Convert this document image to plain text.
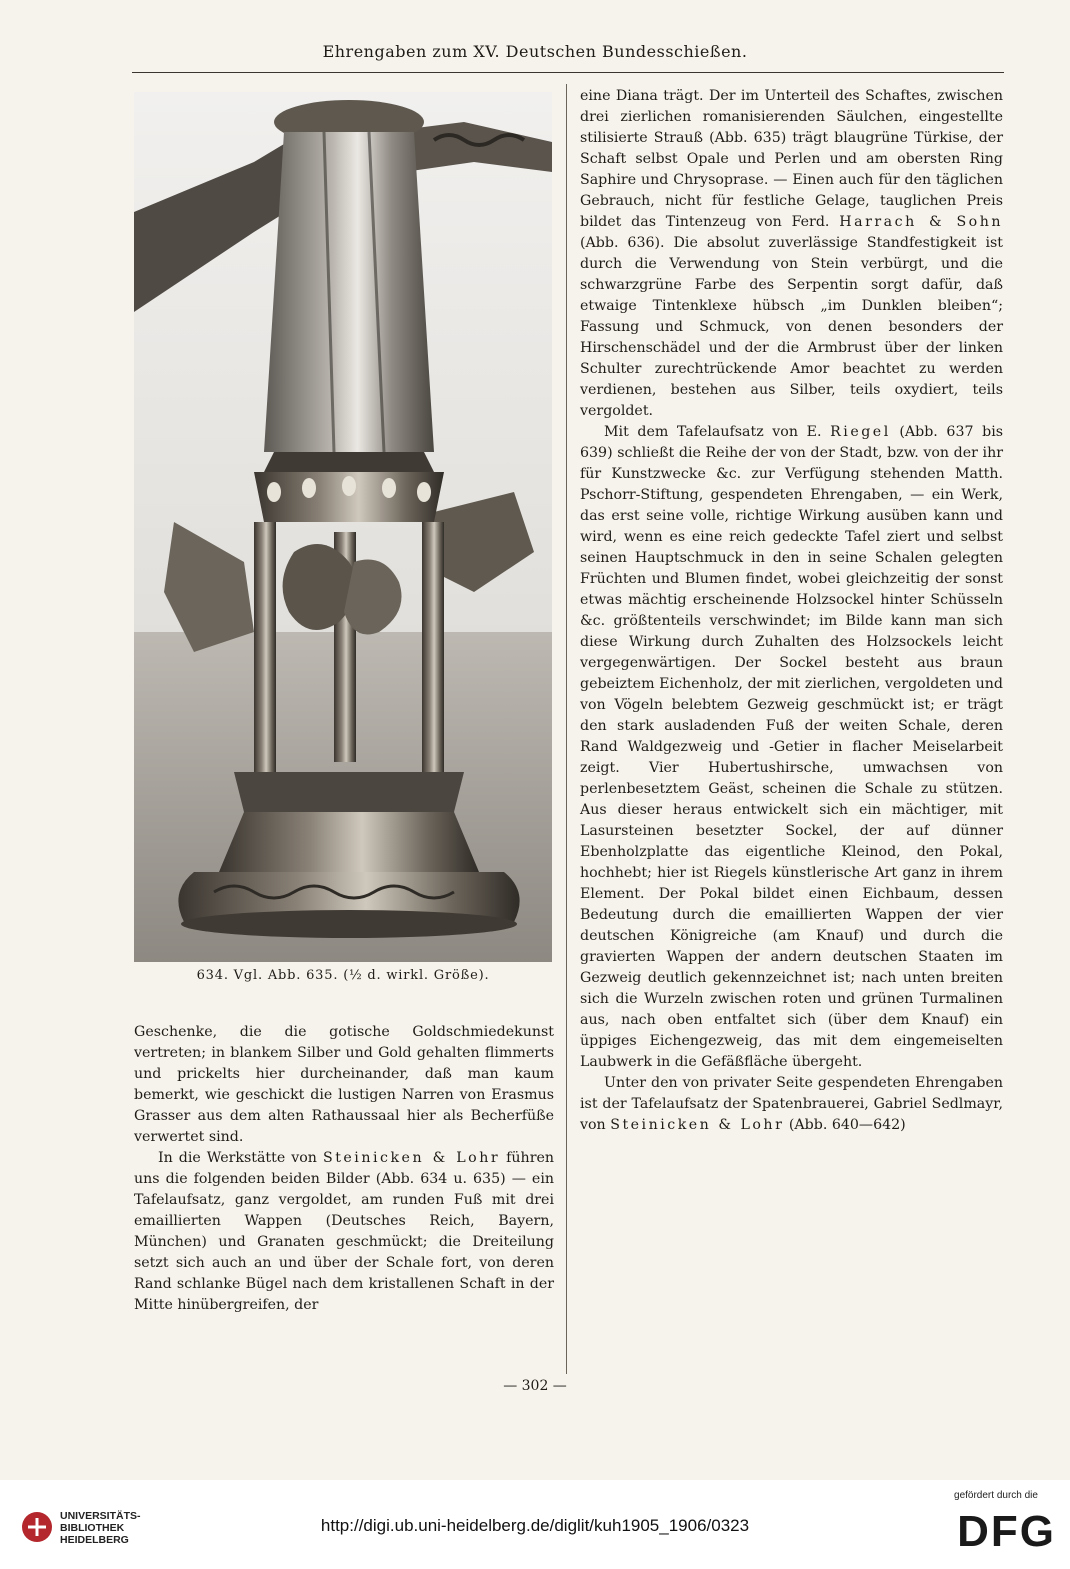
Ehrengaben zum XV. Deutschen Bundesschießen.
634. Vgl. Abb. 635. (½ d. wirkl. Größe).

Geschenke, die die gotische Goldschmiedekunst vertreten; in blankem Silber und Gold gehalten flimmerts und prickelts hier durcheinander, daß man kaum bemerkt, wie geschickt die lustigen Narren von Erasmus Grasser aus dem alten Rathaussaal hier als Becherfüße verwertet sind.

In die Werkstätte von Steinicken & Lohr führen uns die folgenden beiden Bilder (Abb. 634 u. 635) — ein Tafelaufsatz, ganz vergoldet, am runden Fuß mit drei emaillierten Wappen (Deutsches Reich, Bayern, München) und Granaten geschmückt; die Dreiteilung setzt sich auch an und über der Schale fort, von deren Rand schlanke Bügel nach dem kristallenen Schaft in der Mitte hinübergreifen, der

eine Diana trägt. Der im Unterteil des Schaftes, zwischen drei zierlichen romanisierenden Säulchen, eingestellte stilisierte Strauß (Abb. 635) trägt blaugrüne Türkise, der Schaft selbst Opale und Perlen und am obersten Ring Saphire und Chrysoprase. — Einen auch für den täglichen Gebrauch, nicht für festliche Gelage, tauglichen Preis bildet das Tintenzeug von Ferd. Harrach & Sohn (Abb. 636). Die absolut zuverlässige Standfestigkeit ist durch die Verwendung von Stein verbürgt, und die schwarzgrüne Farbe des Serpentin sorgt dafür, daß etwaige Tintenklexe hübsch „im Dunklen bleiben“; Fassung und Schmuck, von denen besonders der Hirschenschädel und der die Armbrust über der linken Schulter zurechtrückende Amor beachtet zu werden verdienen, bestehen aus Silber, teils oxydiert, teils vergoldet.

Mit dem Tafelaufsatz von E. Riegel (Abb. 637 bis 639) schließt die Reihe der von der Stadt, bzw. von der ihr für Kunstzwecke &c. zur Verfügung stehenden Matth. Pschorr-Stiftung, gespendeten Ehrengaben, — ein Werk, das erst seine volle, richtige Wirkung ausüben kann und wird, wenn es eine reich gedeckte Tafel ziert und selbst seinen Hauptschmuck in den in seine Schalen gelegten Früchten und Blumen findet, wobei gleichzeitig der sonst etwas mächtig erscheinende Holzsockel hinter Schüsseln &c. größtenteils verschwindet; im Bilde kann man sich diese Wirkung durch Zuhalten des Holzsockels leicht vergegenwärtigen. Der Sockel besteht aus braun gebeiztem Eichenholz, der mit zierlichen, vergoldeten und von Vögeln belebtem Gezweig geschmückt ist; er trägt den stark ausladenden Fuß der weiten Schale, deren Rand Waldgezweig und -Getier in flacher Meiselarbeit zeigt. Vier Hubertushirsche, umwachsen von perlenbesetztem Geäst, scheinen die Schale zu stützen. Aus dieser heraus entwickelt sich ein mächtiger, mit Lasursteinen besetzter Sockel, der auf dünner Ebenholzplatte das eigentliche Kleinod, den Pokal, hochhebt; hier ist Riegels künstlerische Art ganz in ihrem Element. Der Pokal bildet einen Eichbaum, dessen Bedeutung durch die emaillierten Wappen der vier deutschen Königreiche (am Knauf) und durch die gravierten Wappen der andern deutschen Staaten im Gezweig deutlich gekennzeichnet ist; nach unten breiten sich die Wurzeln zwischen roten und grünen Turmalinen aus, nach oben entfaltet sich (über dem Knauf) ein üppiges Eichengezweig, das mit dem eingemeiselten Laubwerk in die Gefäßfläche übergeht.

Unter den von privater Seite gespendeten Ehrengaben ist der Tafelaufsatz der Spatenbrauerei, Gabriel Sedlmayr, von Steinicken & Lohr (Abb. 640—642)

— 302 —
UNIVERSITÄTS-
BIBLIOTHEK
HEIDELBERG
http://digi.ub.uni-heidelberg.de/diglit/kuh1905_1906/0323
gefördert durch die
DFG
